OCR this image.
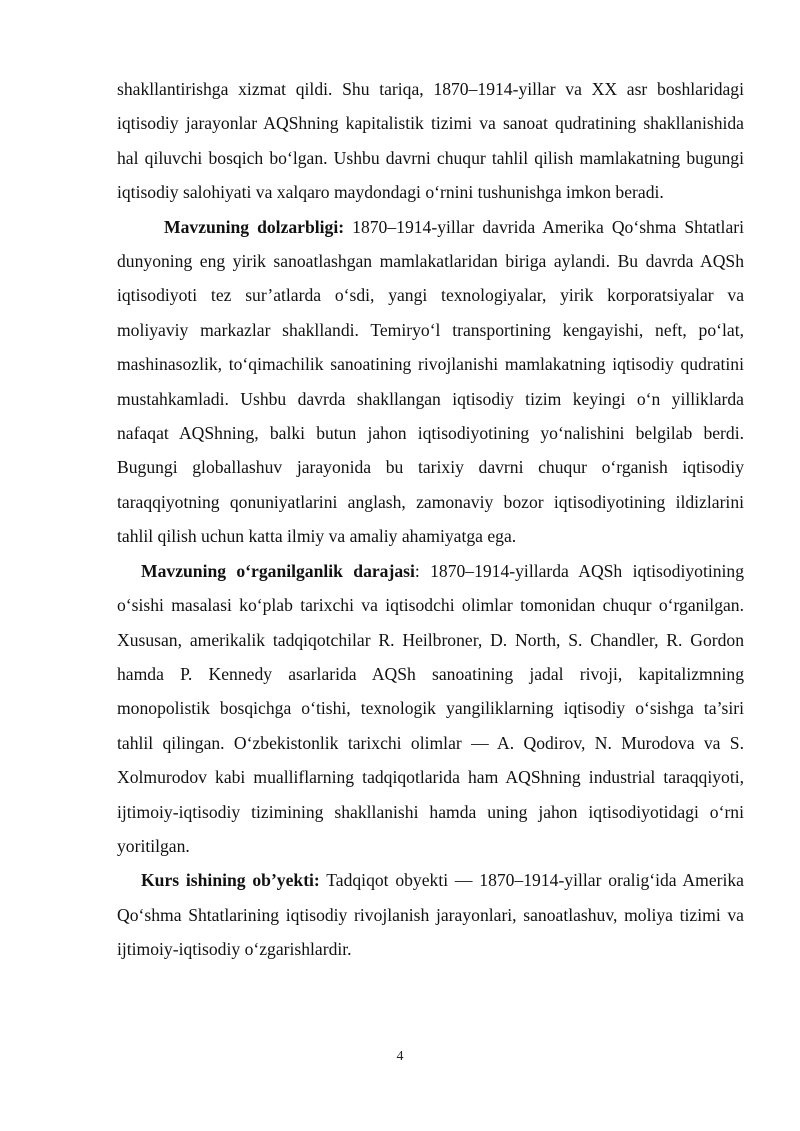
shakllantirishga xizmat qildi. Shu tariqa, 1870–1914-yillar va XX asr boshlaridagi iqtisodiy jarayonlar AQShning kapitalistik tizimi va sanoat qudratining shakllanishida hal qiluvchi bosqich bo‘lgan. Ushbu davrni chuqur tahlil qilish mamlakatning bugungi iqtisodiy salohiyati va xalqaro maydondagi o‘rnini tushunishga imkon beradi.

Mavzuning dolzarbligi: 1870–1914-yillar davrida Amerika Qo‘shma Shtatlari dunyoning eng yirik sanoatlashgan mamlakatlaridan biriga aylandi. Bu davrda AQSh iqtisodiyoti tez sur’atlarda o‘sdi, yangi texnologiyalar, yirik korporatsiyalar va moliyaviy markazlar shakllandi. Temiryo‘l transportining kengayishi, neft, po‘lat, mashinasozlik, to‘qimachilik sanoatining rivojlanishi mamlakatning iqtisodiy qudratini mustahkamladi. Ushbu davrda shakllangan iqtisodiy tizim keyingi o‘n yilliklarda nafaqat AQShning, balki butun jahon iqtisodiyotining yo‘nalishini belgilab berdi. Bugungi globallashuv jarayonida bu tarixiy davrni chuqur o‘rganish iqtisodiy taraqqiyotning qonuniyatlarini anglash, zamonaviy bozor iqtisodiyotining ildizlarini tahlil qilish uchun katta ilmiy va amaliy ahamiyatga ega.

Mavzuning o‘rganilganlik darajasi: 1870–1914-yillarda AQSh iqtisodiyotining o‘sishi masalasi ko‘plab tarixchi va iqtisodchi olimlar tomonidan chuqur o‘rganilgan. Xususan, amerikalik tadqiqotchilar R. Heilbroner, D. North, S. Chandler, R. Gordon hamda P. Kennedy asarlarida AQSh sanoatining jadal rivoji, kapitalizmning monopolistik bosqichga o‘tishi, texnologik yangiliklarning iqtisodiy o‘sishga ta’siri tahlil qilingan. O‘zbekistonlik tarixchi olimlar — A. Qodirov, N. Murodova va S. Xolmurodov kabi mualliflarning tadqiqotlarida ham AQShning industrial taraqqiyoti, ijtimoiy-iqtisodiy tizimining shakllanishi hamda uning jahon iqtisodiyotidagi o‘rni yoritilgan.

Kurs ishining ob’yekti: Tadqiqot obyekti — 1870–1914-yillar oralig‘ida Amerika Qo‘shma Shtatlarining iqtisodiy rivojlanish jarayonlari, sanoatlashuv, moliya tizimi va ijtimoiy-iqtisodiy o‘zgarishlardir.

4
